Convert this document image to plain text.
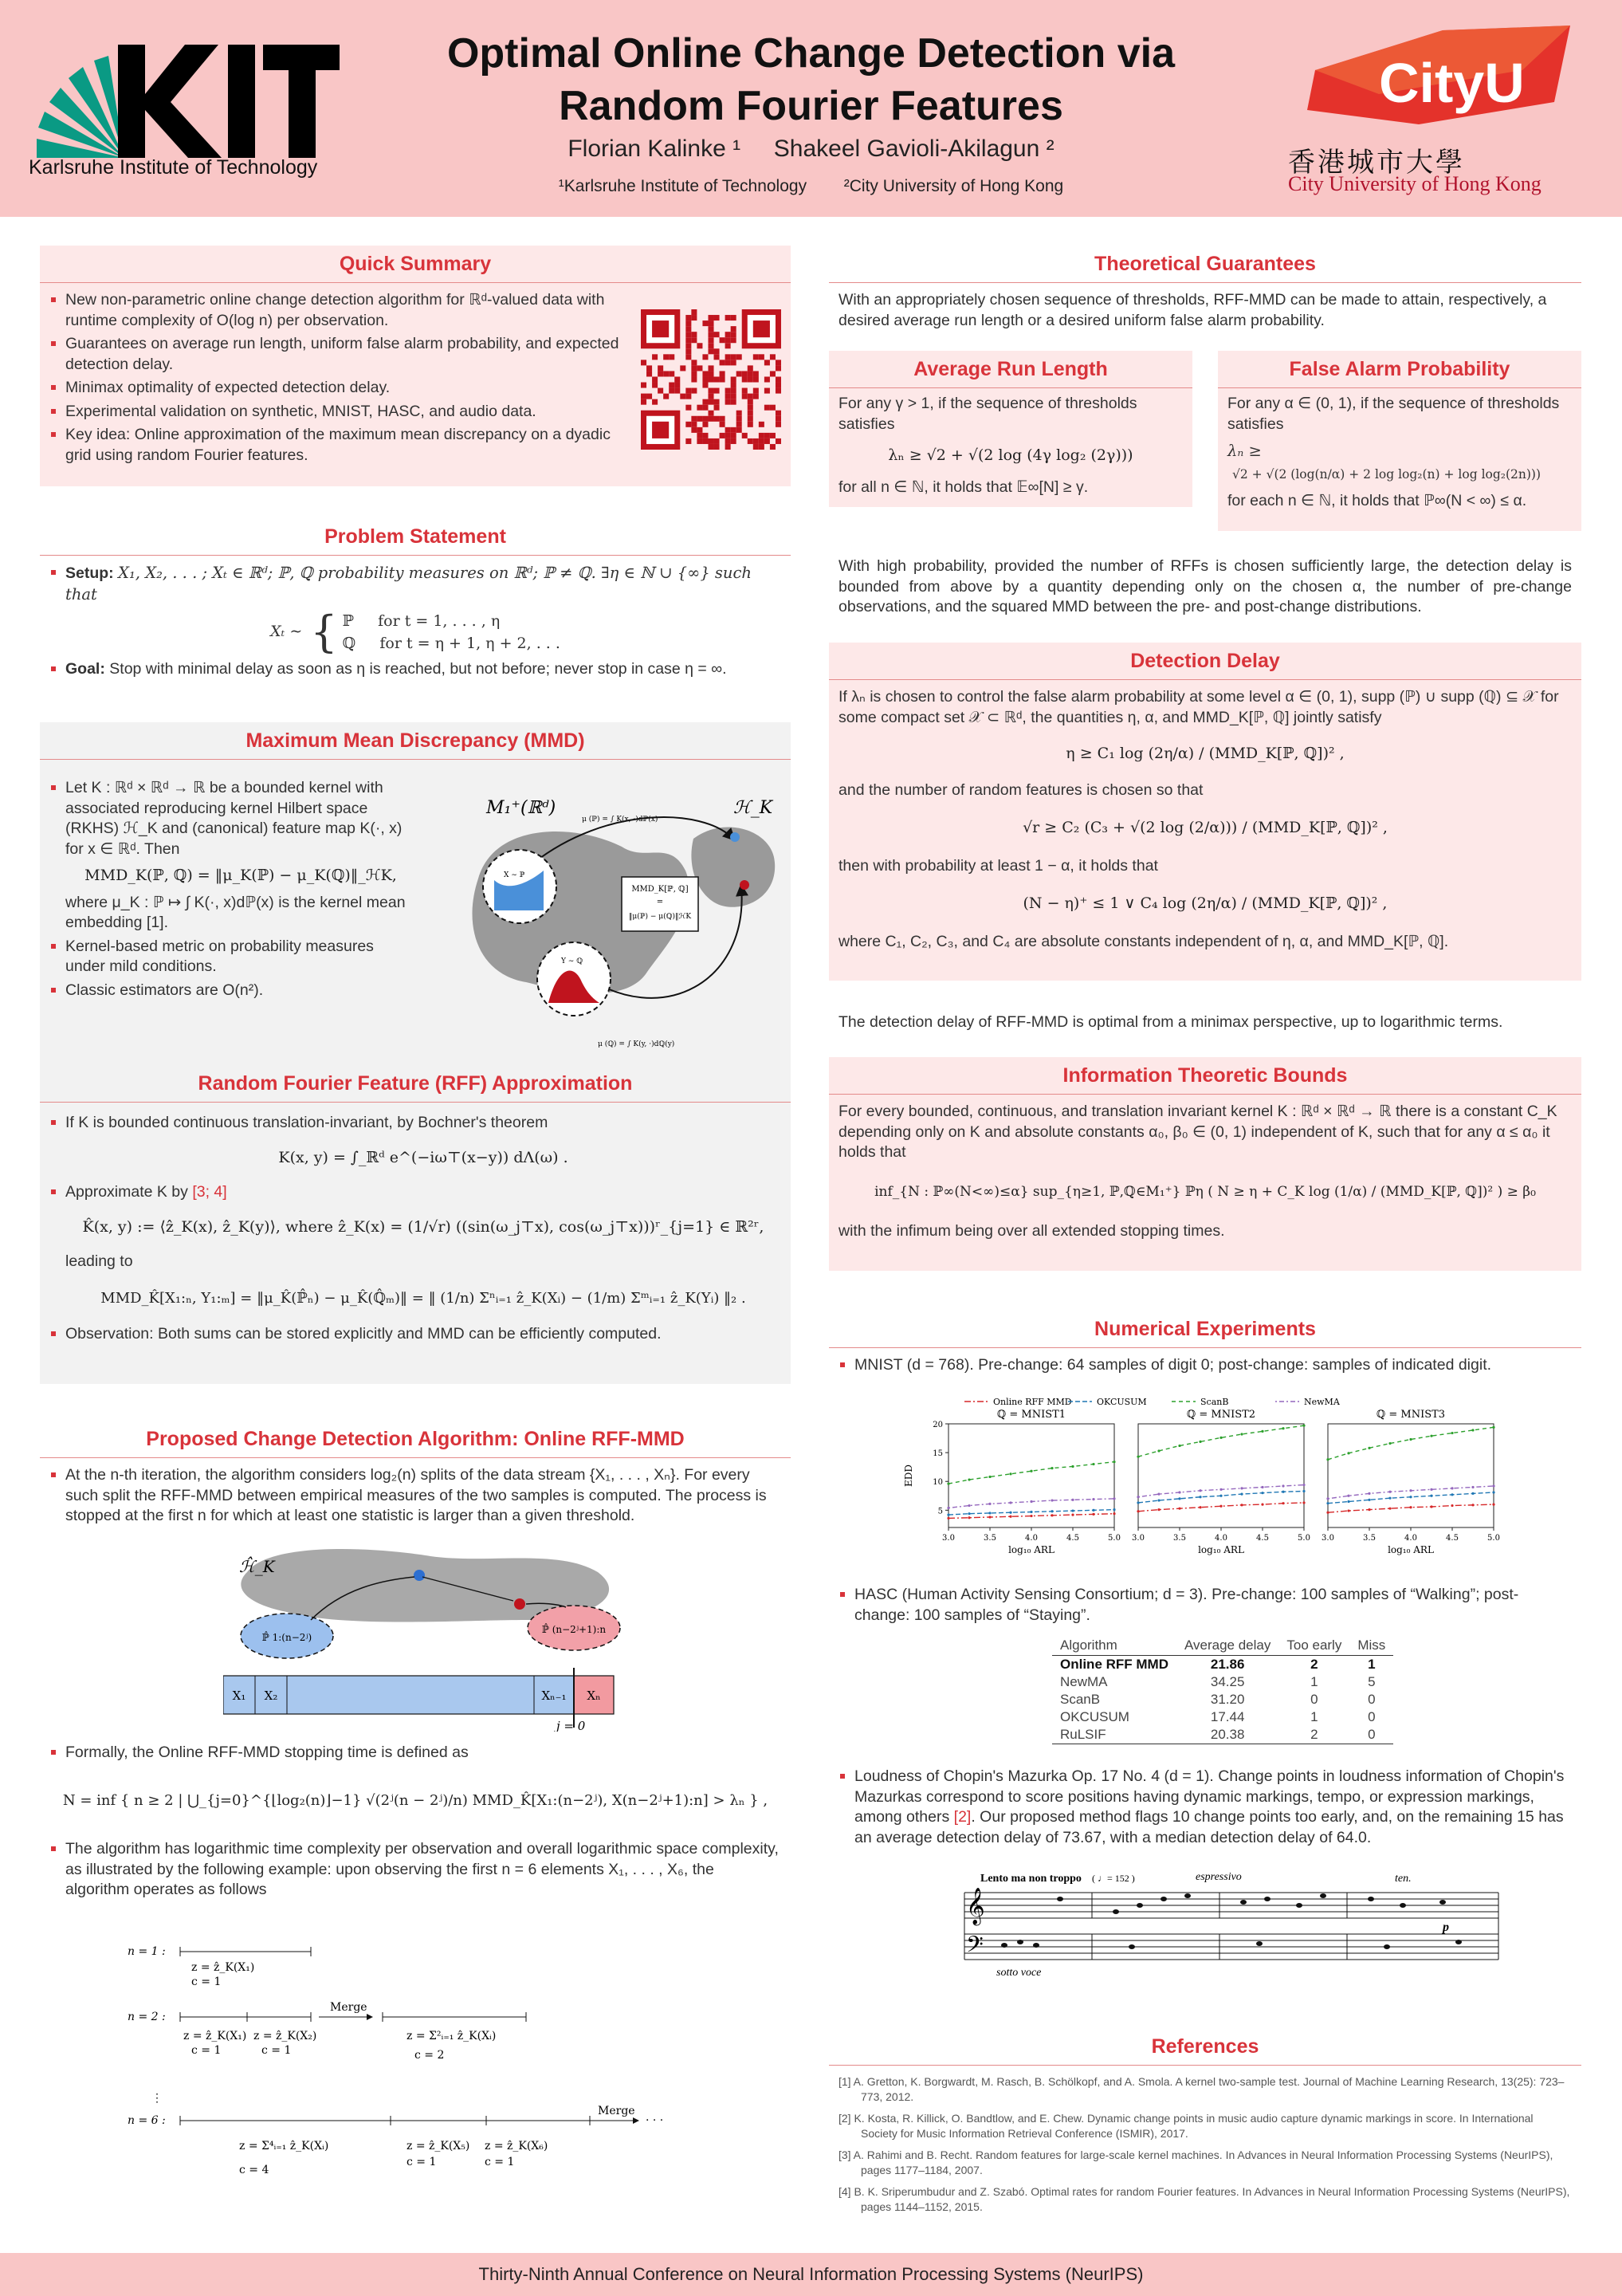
Karlsruhe Institute of Technology
Optimal Online Change Detection via
Random Fourier Features
Florian Kalinke ¹     Shakeel Gavioli-Akilagun ²
¹Karlsruhe Institute of Technology        ²City University of Hong Kong
CityU
香港城市大學
City University of Hong Kong
Quick Summary
New non-parametric online change detection algorithm for ℝᵈ-valued data with runtime complexity of O(log n) per observation.
Guarantees on average run length, uniform false alarm probability, and expected detection delay.
Minimax optimality of expected detection delay.
Experimental validation on synthetic, MNIST, HASC, and audio data.
Key idea: Online approximation of the maximum mean discrepancy on a dyadic grid using random Fourier features.
Problem Statement
Setup: X₁, X₂, . . . ; Xₜ ∈ ℝᵈ; ℙ, ℚ probability measures on ℝᵈ; ℙ ≠ ℚ. ∃η ∈ ℕ ∪ {∞} such that
Xₜ ∼ { ℙ     for t = 1, . . . , η
ℚ     for t = η + 1, η + 2, . . .
Goal: Stop with minimal delay as soon as η is reached, but not before; never stop in case η = ∞.
Maximum Mean Discrepancy (MMD)
Let K : ℝᵈ × ℝᵈ → ℝ be a bounded kernel with associated reproducing kernel Hilbert space (RKHS) ℋ_K and (canonical) feature map K(·, x) for x ∈ ℝᵈ. Then
MMD_K(ℙ, ℚ) = ‖μ_K(ℙ) − μ_K(ℚ)‖_ℋK,
where μ_K : ℙ ↦ ∫ K(·, x)dℙ(x) is the kernel mean embedding [1].
Kernel-based metric on probability measures under mild conditions.
Classic estimators are O(n²).
M₁⁺(ℝᵈ)	ℋ_K
μ (ℙ) = ∫ K(x, ·)dℙ(x)
μ (ℚ) = ∫ K(y, ·)dℚ(y)
X ∼ ℙ
Y ∼ ℚ
MMD_K[ℙ, ℚ]
=
‖μ(ℙ) − μ(ℚ)‖ℋK
Random Fourier Feature (RFF) Approximation
If K is bounded continuous translation-invariant, by Bochner's theorem
K(x, y) = ∫_ℝᵈ e^(−iω⊤(x−y)) dΛ(ω) .
Approximate K by [3; 4]
K̂(x, y) := ⟨ẑ_K(x), ẑ_K(y)⟩, where ẑ_K(x) = (1/√r) ((sin(ω_j⊤x), cos(ω_j⊤x)))ʳ_{j=1} ∈ ℝ²ʳ,
leading to
MMD_K̂[X₁:ₙ, Y₁:ₘ] = ‖μ_K̂(ℙ̂ₙ) − μ_K̂(ℚ̂ₘ)‖ = ‖ (1/n) Σⁿᵢ₌₁ ẑ_K(Xᵢ) − (1/m) Σᵐᵢ₌₁ ẑ_K(Yᵢ) ‖₂ .
Observation: Both sums can be stored explicitly and MMD can be efficiently computed.
Proposed Change Detection Algorithm: Online RFF-MMD
At the n-th iteration, the algorithm considers log₂(n) splits of the data stream {X₁, . . . , Xₙ}. For every such split the RFF-MMD between empirical measures of the two samples is computed. The process is stopped at the first n for which at least one statistic is larger than a given threshold.
ℋ̂_K
ℙ̂ 1:(n−2ʲ)
ℙ̂ (n−2ʲ+1):n
X₁ X₂	Xₙ₋₁ Xₙ
j = 0
Formally, the Online RFF-MMD stopping time is defined as
N = inf { n ≥ 2 | ⋃_{j=0}^{⌊log₂(n)⌋−1} √(2ʲ(n − 2ʲ)/n) MMD_K̂[X₁:(n−2ʲ), X(n−2ʲ+1):n] > λₙ } ,
The algorithm has logarithmic time complexity per observation and overall logarithmic space complexity, as illustrated by the following example: upon observing the first n = 6 elements X₁, . . . , X₆, the algorithm operates as follows
n = 1 :
z = ẑ_K(X₁)
c = 1
n = 2 :
z = ẑ_K(X₁)
c = 1
z = ẑ_K(X₂)
c = 1
Merge
z = Σ²ᵢ₌₁ ẑ_K(Xᵢ)
c = 2
⋮
n = 6 :
Merge
· · ·
z = Σ⁴ᵢ₌₁ ẑ_K(Xᵢ)
c = 4
z = ẑ_K(X₅)
c = 1
z = ẑ_K(X₆)
c = 1
Theoretical Guarantees
With an appropriately chosen sequence of thresholds, RFF-MMD can be made to attain, respectively, a desired average run length or a desired uniform false alarm probability.
Average Run Length
For any γ > 1, if the sequence of thresholds satisfies
λₙ ≥ √2 + √(2 log (4γ log₂ (2γ)))
for all n ∈ ℕ, it holds that 𝔼∞[N] ≥ γ.
False Alarm Probability
For any α ∈ (0, 1), if the sequence of thresholds satisfies
λₙ ≥
√2 + √(2 (log(n/α) + 2 log log₂(n) + log log₂(2n)))
for each n ∈ ℕ, it holds that ℙ∞(N < ∞) ≤ α.
With high probability, provided the number of RFFs is chosen sufficiently large, the detection delay is bounded from above by a quantity depending only on the chosen α, the number of pre-change observations, and the squared MMD between the pre- and post-change distributions.
Detection Delay
If λₙ is chosen to control the false alarm probability at some level α ∈ (0, 1), supp (ℙ) ∪ supp (ℚ) ⊆ 𝒳 for some compact set 𝒳 ⊂ ℝᵈ, the quantities η, α, and MMD_K[ℙ, ℚ] jointly satisfy
η ≥ C₁ log (2η/α) / (MMD_K[ℙ, ℚ])² ,
and the number of random features is chosen so that
√r ≥ C₂ (C₃ + √(2 log (2/α))) / (MMD_K[ℙ, ℚ])² ,
then with probability at least 1 − α, it holds that
(N − η)⁺ ≤ 1 ∨ C₄ log (2η/α) / (MMD_K[ℙ, ℚ])² ,
where C₁, C₂, C₃, and C₄ are absolute constants independent of η, α, and MMD_K[ℙ, ℚ].
The detection delay of RFF-MMD is optimal from a minimax perspective, up to logarithmic terms.
Information Theoretic Bounds
For every bounded, continuous, and translation invariant kernel K : ℝᵈ × ℝᵈ → ℝ there is a constant C_K depending only on K and absolute constants α₀, β₀ ∈ (0, 1) independent of K, such that for any α ≤ α₀ it holds that
inf_{N : ℙ∞(N<∞)≤α} sup_{η≥1, ℙ,ℚ∈M₁⁺} ℙη ( N ≥ η + C_K log (1/α) / (MMD_K[ℙ, ℚ])² ) ≥ β₀
with the infimum being over all extended stopping times.
Numerical Experiments
MNIST (d = 768). Pre-change: 64 samples of digit 0; post-change: samples of indicated digit.
Online RFF MMD	OKCUSUM	ScanB	NewMA
ℚ = MNIST1
3.0	3.5	4.0	4.5	5.0
5
10
15
20
EDD
log₁₀ ARL
ℚ = MNIST2
3.0	3.5	4.0	4.5	5.0
log₁₀ ARL
ℚ = MNIST3
3.0	3.5	4.0	4.5	5.0
log₁₀ ARL
HASC (Human Activity Sensing Consortium; d = 3). Pre-change: 100 samples of “Walking”; post-change: 100 samples of “Staying”.
Algorithm	Average delay	Too early	Miss
Online RFF MMD	21.86	2	1
NewMA	34.25	1	5
ScanB	31.20	0	0
OKCUSUM	17.44	1	0
RuLSIF	20.38	2	0
Loudness of Chopin's Mazurka Op. 17 No. 4 (d = 1). Change points in loudness information of Chopin's Mazurkas correspond to score positions having dynamic markings, tempo, or expression markings, among others [2]. Our proposed method flags 10 change points too early, and, on the remaining 15 has an average detection delay of 73.67, with a median detection delay of 64.0.
Lento ma non troppo ( ♩= 152 )	espressivo	ten.
𝄞
𝄢
p
sotto voce
References
[1] A. Gretton, K. Borgwardt, M. Rasch, B. Schölkopf, and A. Smola. A kernel two-sample test. Journal of Machine Learning Research, 13(25): 723–773, 2012.
[2] K. Kosta, R. Killick, O. Bandtlow, and E. Chew. Dynamic change points in music audio capture dynamic markings in score. In International Society for Music Information Retrieval Conference (ISMIR), 2017.
[3] A. Rahimi and B. Recht. Random features for large-scale kernel machines. In Advances in Neural Information Processing Systems (NeurIPS), pages 1177–1184, 2007.
[4] B. K. Sriperumbudur and Z. Szabó. Optimal rates for random Fourier features. In Advances in Neural Information Processing Systems (NeurIPS), pages 1144–1152, 2015.
Thirty-Ninth Annual Conference on Neural Information Processing Systems (NeurIPS)
